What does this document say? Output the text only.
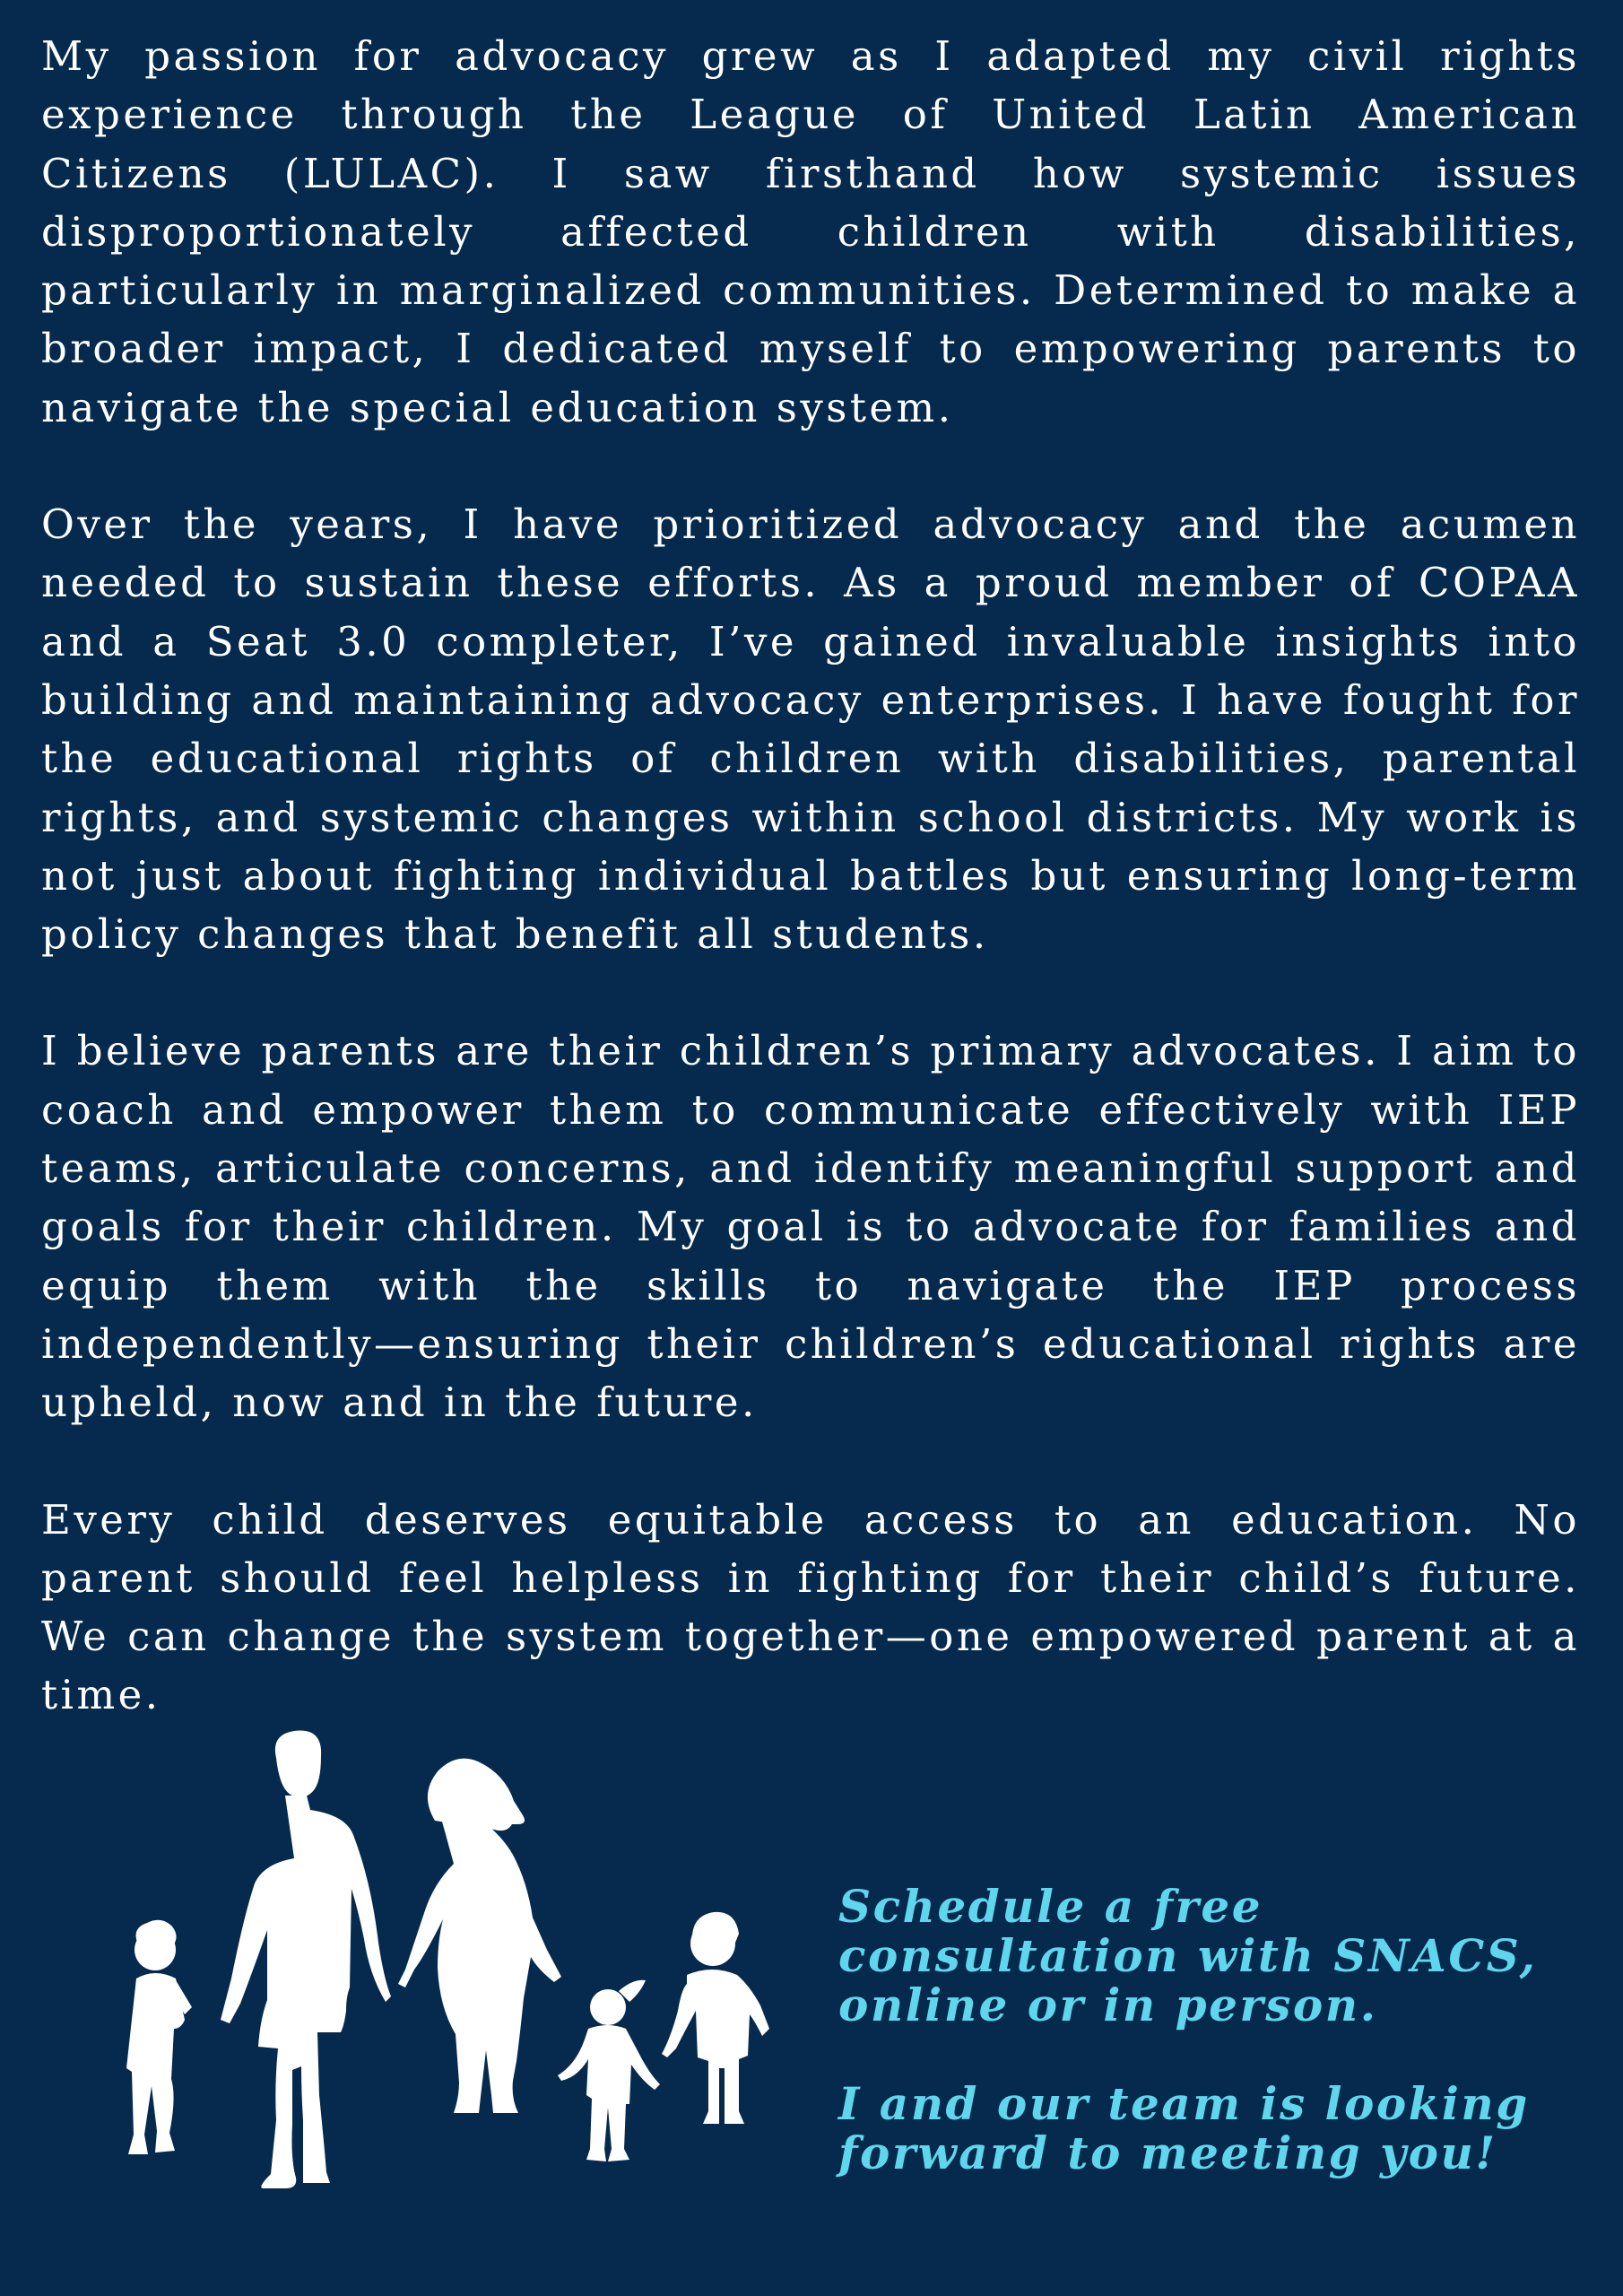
My passion for advocacy grew as I adapted my civil rights experience through the League of United Latin American Citizens (LULAC). I saw firsthand how systemic issues disproportionately affected children with disabilities, particularly in marginalized communities. Determined to make a broader impact, I dedicated myself to empowering parents to navigate the special education system.

Over the years, I have prioritized advocacy and the acumen needed to sustain these efforts. As a proud member of COPAA and a Seat 3.0 completer, I’ve gained invaluable insights into building and maintaining advocacy enterprises. I have fought for the educational rights of children with disabilities, parental rights, and systemic changes within school districts. My work is not just about fighting individual battles but ensuring long-term policy changes that benefit all students.

I believe parents are their children’s primary advocates. I aim to coach and empower them to communicate effectively with IEP teams, articulate concerns, and identify meaningful support and goals for their children. My goal is to advocate for families and equip them with the skills to navigate the IEP process independently—ensuring their children’s educational rights are upheld, now and in the future.

Every child deserves equitable access to an education. No parent should feel helpless in fighting for their child’s future. We can change the system together—one empowered parent at a time.

Schedule a free consultation with SNACS, online or in person.

I and our team is looking forward to meeting you!
